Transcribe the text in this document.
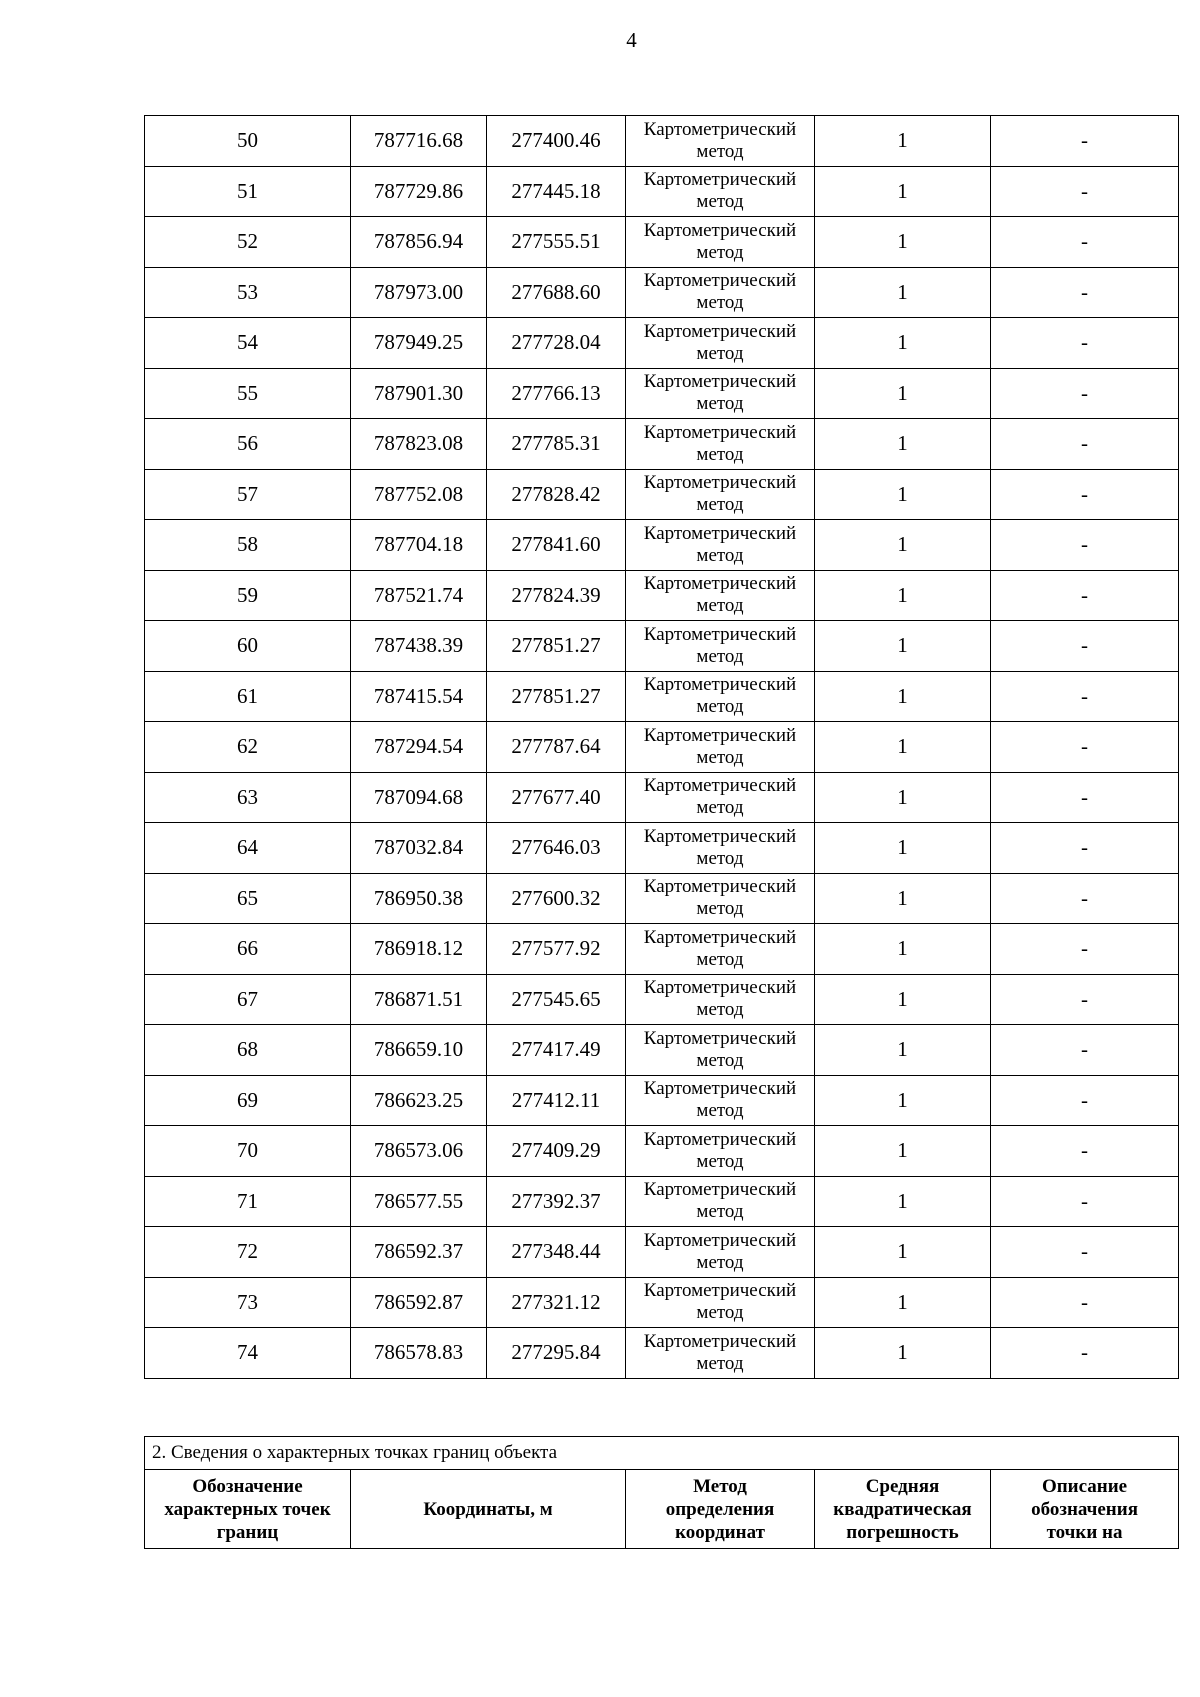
4
50	787716.68	277400.46	Картометрический
метод	1	-
51	787729.86	277445.18	Картометрический
метод	1	-
52	787856.94	277555.51	Картометрический
метод	1	-
53	787973.00	277688.60	Картометрический
метод	1	-
54	787949.25	277728.04	Картометрический
метод	1	-
55	787901.30	277766.13	Картометрический
метод	1	-
56	787823.08	277785.31	Картометрический
метод	1	-
57	787752.08	277828.42	Картометрический
метод	1	-
58	787704.18	277841.60	Картометрический
метод	1	-
59	787521.74	277824.39	Картометрический
метод	1	-
60	787438.39	277851.27	Картометрический
метод	1	-
61	787415.54	277851.27	Картометрический
метод	1	-
62	787294.54	277787.64	Картометрический
метод	1	-
63	787094.68	277677.40	Картометрический
метод	1	-
64	787032.84	277646.03	Картометрический
метод	1	-
65	786950.38	277600.32	Картометрический
метод	1	-
66	786918.12	277577.92	Картометрический
метод	1	-
67	786871.51	277545.65	Картометрический
метод	1	-
68	786659.10	277417.49	Картометрический
метод	1	-
69	786623.25	277412.11	Картометрический
метод	1	-
70	786573.06	277409.29	Картометрический
метод	1	-
71	786577.55	277392.37	Картометрический
метод	1	-
72	786592.37	277348.44	Картометрический
метод	1	-
73	786592.87	277321.12	Картометрический
метод	1	-
74	786578.83	277295.84	Картометрический
метод	1	-
2. Сведения о характерных точках границ объекта

Обозначение
характерных точек
границ

Координаты, м

Метод
определения
координат

Средняя
квадратическая
погрешность

Описание
обозначения
точки на
